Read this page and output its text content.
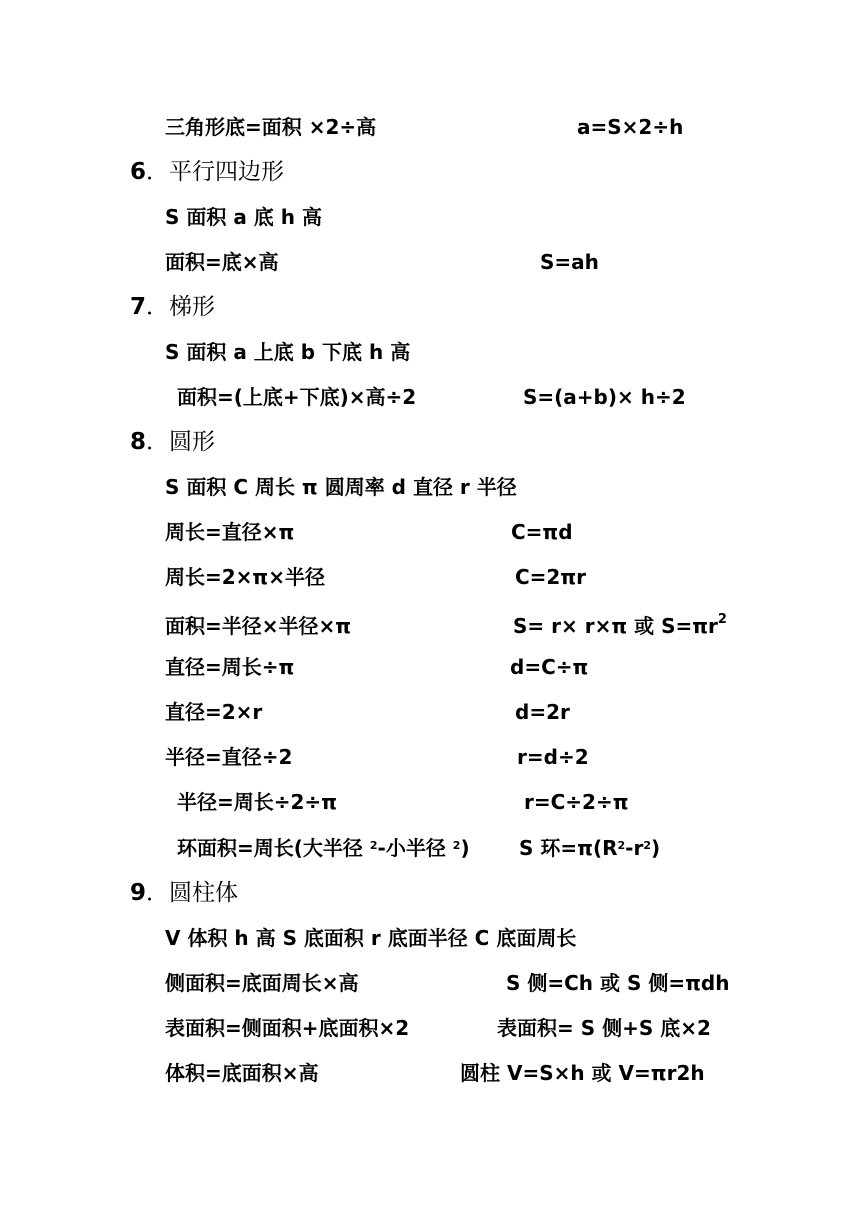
三角形底=面积 ×2÷高	a=S×2÷h
6．平行四边形
S 面积 a 底 h 高
面积=底×高	S=ah
7．梯形
S 面积 a 上底 b 下底 h 高
面积=(上底+下底)×高÷2	S=(a+b)× h÷2
8．圆形
S 面积 C 周长 π 圆周率 d 直径 r 半径
周长=直径×π	C=πd
周长=2×π×半径	C=2πr
面积=半径×半径×π	S= r× r×π 或 $S=\pi r^2$
直径=周长÷π	d=C÷π
直径=2×r	d=2r
半径=直径÷2	r=d÷2
半径=周长÷2÷π	r=C÷2÷π
环面积=周长(大半径 $^2$-小半径 $^2$) S 环$=\pi(R^2-r^2)$
9．圆柱体
V 体积 h 高 S 底面积 r 底面半径 C 底面周长
侧面积=底面周长×高	S 侧=Ch 或 S 侧=πdh
表面积=侧面积+底面积×2	表面积= S 侧+S 底×2
体积=底面积×高	圆柱 V=S×h 或 V=πr2h
